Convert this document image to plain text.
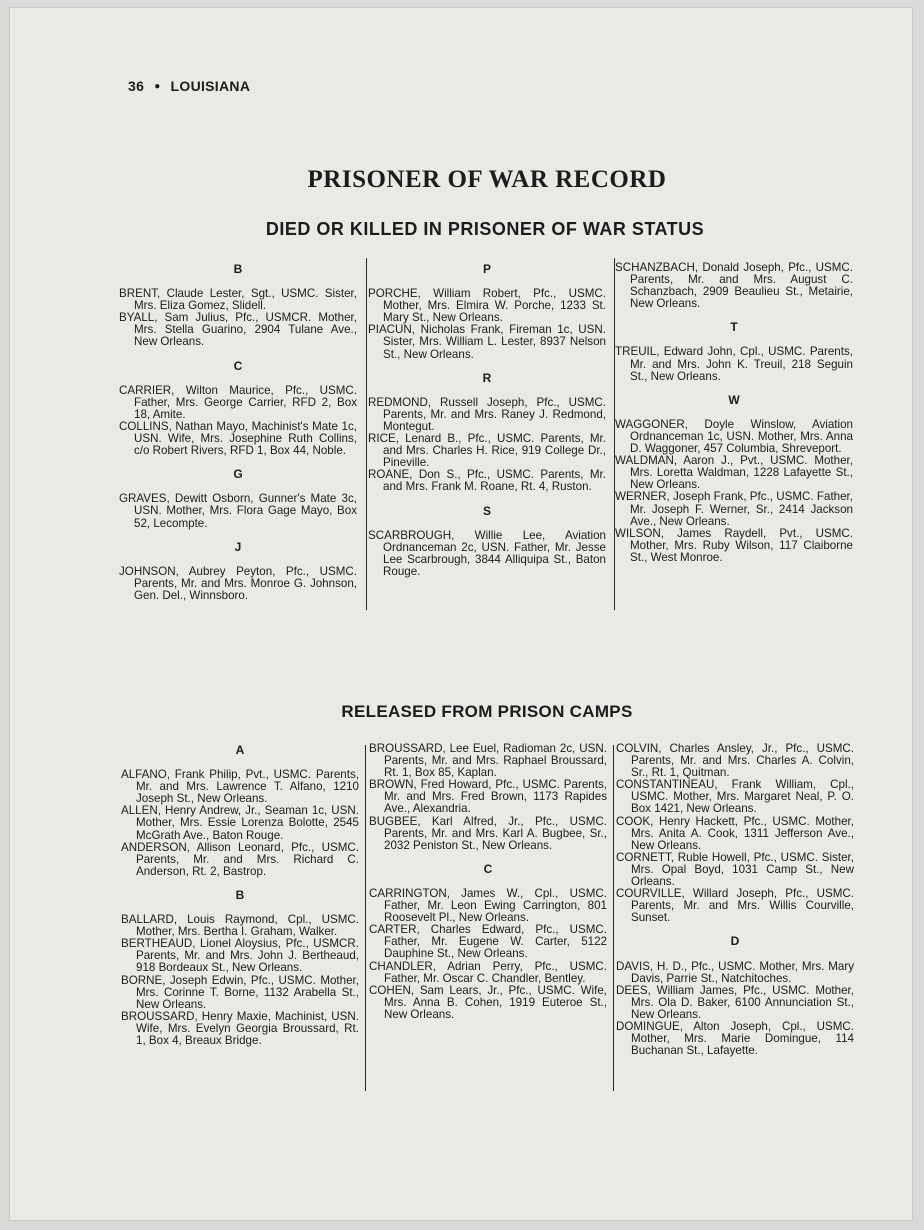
36 ● LOUISIANA
PRISONER OF WAR RECORD
DIED OR KILLED IN PRISONER OF WAR STATUS
B

BRENT, Claude Lester, Sgt., USMC. Sister, Mrs. Eliza Gomez, Slidell.

BYALL, Sam Julius, Pfc., USMCR. Mother, Mrs. Stella Guarino, 2904 Tulane Ave., New Orleans.

C

CARRIER, Wilton Maurice, Pfc., USMC. Father, Mrs. George Carrier, RFD 2, Box 18, Amite.

COLLINS, Nathan Mayo, Machinist's Mate 1c, USN. Wife, Mrs. Josephine Ruth Collins, c/o Robert Rivers, RFD 1, Box 44, Noble.

G

GRAVES, Dewitt Osborn, Gunner's Mate 3c, USN. Mother, Mrs. Flora Gage Mayo, Box 52, Lecompte.

J

JOHNSON, Aubrey Peyton, Pfc., USMC. Parents, Mr. and Mrs. Monroe G. Johnson, Gen. Del., Winnsboro.

P

PORCHE, William Robert, Pfc., USMC. Mother, Mrs. Elmira W. Porche, 1233 St. Mary St., New Orleans.

PIACUN, Nicholas Frank, Fireman 1c, USN. Sister, Mrs. William L. Lester, 8937 Nelson St., New Orleans.

R

REDMOND, Russell Joseph, Pfc., USMC. Parents, Mr. and Mrs. Raney J. Redmond, Montegut.

RICE, Lenard B., Pfc., USMC. Parents, Mr. and Mrs. Charles H. Rice, 919 College Dr., Pineville.

ROANE, Don S., Pfc., USMC. Parents, Mr. and Mrs. Frank M. Roane, Rt. 4, Ruston.

S

SCARBROUGH, Willie Lee, Aviation Ordnanceman 2c, USN. Father, Mr. Jesse Lee Scarbrough, 3844 Alliquipa St., Baton Rouge.

SCHANZBACH, Donald Joseph, Pfc., USMC. Parents, Mr. and Mrs. August C. Schanzbach, 2909 Beaulieu St., Metairie, New Orleans.

T

TREUIL, Edward John, Cpl., USMC. Parents, Mr. and Mrs. John K. Treuil, 218 Seguin St., New Orleans.

W

WAGGONER, Doyle Winslow, Aviation Ordnanceman 1c, USN. Mother, Mrs. Anna D. Waggoner, 457 Columbia, Shreveport.

WALDMAN, Aaron J., Pvt., USMC. Mother, Mrs. Loretta Waldman, 1228 Lafayette St., New Orleans.

WERNER, Joseph Frank, Pfc., USMC. Father, Mr. Joseph F. Werner, Sr., 2414 Jackson Ave., New Orleans.

WILSON, James Raydell, Pvt., USMC. Mother, Mrs. Ruby Wilson, 117 Claiborne St., West Monroe.

RELEASED FROM PRISON CAMPS
A

ALFANO, Frank Philip, Pvt., USMC. Parents, Mr. and Mrs. Lawrence T. Alfano, 1210 Joseph St., New Orleans.

ALLEN, Henry Andrew, Jr., Seaman 1c, USN. Mother, Mrs. Essie Lorenza Bolotte, 2545 McGrath Ave., Baton Rouge.

ANDERSON, Allison Leonard, Pfc., USMC. Parents, Mr. and Mrs. Richard C. Anderson, Rt. 2, Bastrop.

B

BALLARD, Louis Raymond, Cpl., USMC. Mother, Mrs. Bertha I. Graham, Walker.

BERTHEAUD, Lionel Aloysius, Pfc., USMCR. Parents, Mr. and Mrs. John J. Bertheaud, 918 Bordeaux St., New Orleans.

BORNE, Joseph Edwin, Pfc., USMC. Mother, Mrs. Corinne T. Borne, 1132 Arabella St., New Orleans.

BROUSSARD, Henry Maxie, Machinist, USN. Wife, Mrs. Evelyn Georgia Broussard, Rt. 1, Box 4, Breaux Bridge.

BROUSSARD, Lee Euel, Radioman 2c, USN. Parents, Mr. and Mrs. Raphael Broussard, Rt. 1, Box 85, Kaplan.

BROWN, Fred Howard, Pfc., USMC. Parents, Mr. and Mrs. Fred Brown, 1173 Rapides Ave., Alexandria.

BUGBEE, Karl Alfred, Jr., Pfc., USMC. Parents, Mr. and Mrs. Karl A. Bugbee, Sr., 2032 Peniston St., New Orleans.

C

CARRINGTON, James W., Cpl., USMC. Father, Mr. Leon Ewing Carrington, 801 Roosevelt Pl., New Orleans.

CARTER, Charles Edward, Pfc., USMC. Father, Mr. Eugene W. Carter, 5122 Dauphine St., New Orleans.

CHANDLER, Adrian Perry, Pfc., USMC. Father, Mr. Oscar C. Chandler, Bentley.

COHEN, Sam Lears, Jr., Pfc., USMC. Wife, Mrs. Anna B. Cohen, 1919 Euteroe St., New Orleans.

COLVIN, Charles Ansley, Jr., Pfc., USMC. Parents, Mr. and Mrs. Charles A. Colvin, Sr., Rt. 1, Quitman.

CONSTANTINEAU, Frank William, Cpl., USMC. Mother, Mrs. Margaret Neal, P. O. Box 1421, New Orleans.

COOK, Henry Hackett, Pfc., USMC. Mother, Mrs. Anita A. Cook, 1311 Jefferson Ave., New Orleans.

CORNETT, Ruble Howell, Pfc., USMC. Sister, Mrs. Opal Boyd, 1031 Camp St., New Orleans.

COURVILLE, Willard Joseph, Pfc., USMC. Parents, Mr. and Mrs. Willis Courville, Sunset.

D

DAVIS, H. D., Pfc., USMC. Mother, Mrs. Mary Davis, Parrie St., Natchitoches.

DEES, William James, Pfc., USMC. Mother, Mrs. Ola D. Baker, 6100 Annunciation St., New Orleans.

DOMINGUE, Alton Joseph, Cpl., USMC. Mother, Mrs. Marie Domingue, 114 Buchanan St., Lafayette.
